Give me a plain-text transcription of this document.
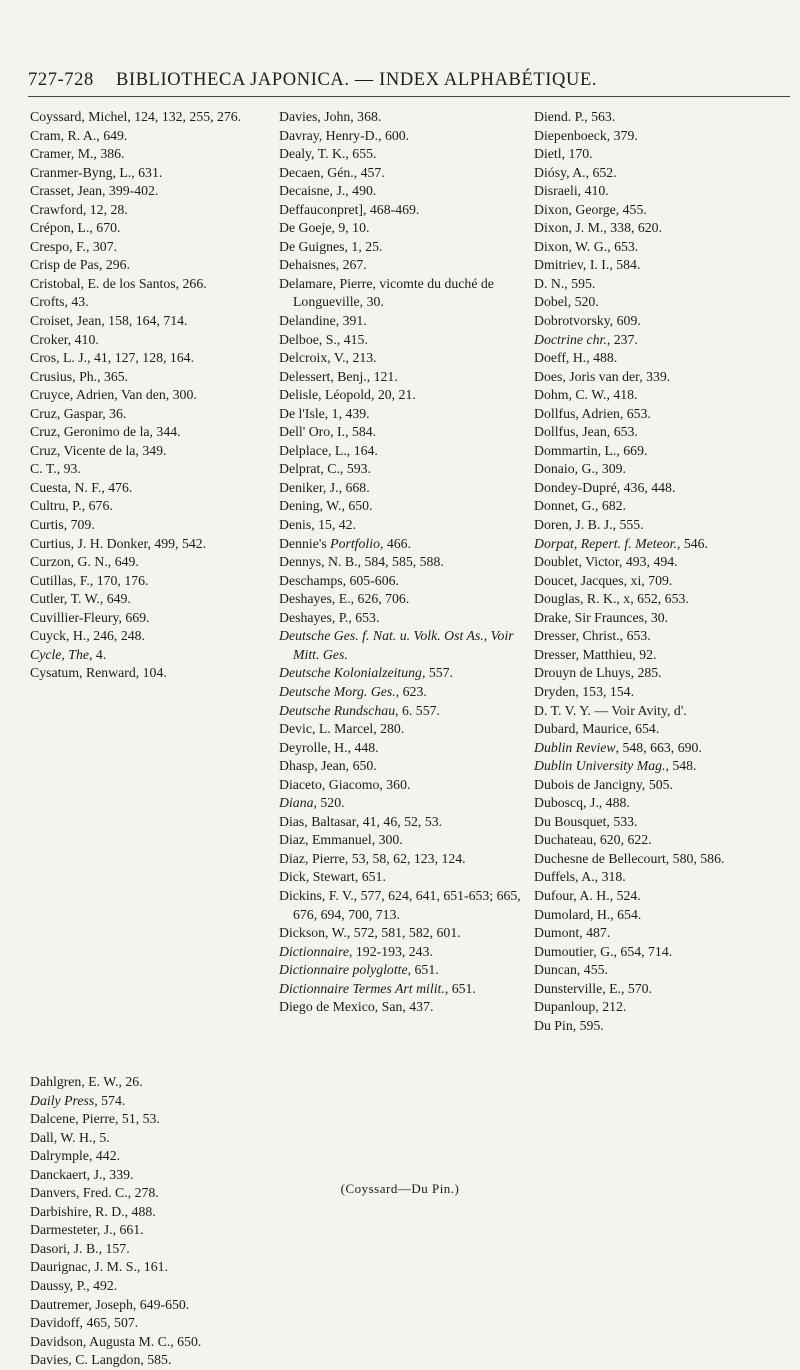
727-728 BIBLIOTHECA JAPONICA. — INDEX ALPHABÉTIQUE.
Coyssard, Michel, 124, 132, 255, 276.
Cram, R. A., 649.
Cramer, M., 386.
Cranmer-Byng, L., 631.
Crasset, Jean, 399-402.
Crawford, 12, 28.
Crépon, L., 670.
Crespo, F., 307.
Crisp de Pas, 296.
Cristobal, E. de los Santos, 266.
Crofts, 43.
Croiset, Jean, 158, 164, 714.
Croker, 410.
Cros, L. J., 41, 127, 128, 164.
Crusius, Ph., 365.
Cruyce, Adrien, Van den, 300.
Cruz, Gaspar, 36.
Cruz, Geronimo de la, 344.
Cruz, Vicente de la, 349.
C. T., 93.
Cuesta, N. F., 476.
Cultru, P., 676.
Curtis, 709.
Curtius, J. H. Donker, 499, 542.
Curzon, G. N., 649.
Cutillas, F., 170, 176.
Cutler, T. W., 649.
Cuvillier-Fleury, 669.
Cuyck, H., 246, 248.
Cycle, The, 4.
Cysatum, Renward, 104.
Dahlgren, E. W., 26.
Daily Press, 574.
Dalcene, Pierre, 51, 53.
Dall, W. H., 5.
Dalrymple, 442.
Danckaert, J., 339.
Danvers, Fred. C., 278.
Darbishire, R. D., 488.
Darmesteter, J., 661.
Dasori, J. B., 157.
Daurignac, J. M. S., 161.
Daussy, P., 492.
Dautremer, Joseph, 649-650.
Davidoff, 465, 507.
Davidson, Augusta M. C., 650.
Davies, C. Langdon, 585.
Davies, John, 368.
Davray, Henry-D., 600.
Dealy, T. K., 655.
Decaen, Gén., 457.
Decaisne, J., 490.
Deffauconpret], 468-469.
De Goeje, 9, 10.
De Guignes, 1, 25.
Dehaisnes, 267.
Delamare, Pierre, vicomte du duché de Longueville, 30.
Delandine, 391.
Delboe, S., 415.
Delcroix, V., 213.
Delessert, Benj., 121.
Delisle, Léopold, 20, 21.
De l'Isle, 1, 439.
Dell' Oro, I., 584.
Delplace, L., 164.
Delprat, C., 593.
Deniker, J., 668.
Dening, W., 650.
Denis, 15, 42.
Dennie's Portfolio, 466.
Dennys, N. B., 584, 585, 588.
Deschamps, 605-606.
Deshayes, E., 626, 706.
Deshayes, P., 653.
Deutsche Ges. f. Nat. u. Volk. Ost As., Voir Mitt. Ges.
Deutsche Kolonialzeitung, 557.
Deutsche Morg. Ges., 623.
Deutsche Rundschau, 6. 557.
Devic, L. Marcel, 280.
Deyrolle, H., 448.
Dhasp, Jean, 650.
Diaceto, Giacomo, 360.
Diana, 520.
Dias, Baltasar, 41, 46, 52, 53.
Diaz, Emmanuel, 300.
Diaz, Pierre, 53, 58, 62, 123, 124.
Dick, Stewart, 651.
Dickins, F. V., 577, 624, 641, 651-653; 665, 676, 694, 700, 713.
Dickson, W., 572, 581, 582, 601.
Dictionnaire, 192-193, 243.
Dictionnaire polyglotte, 651.
Dictionnaire Termes Art milit., 651.
Diego de Mexico, San, 437.
Diend. P., 563.
Diepenboeck, 379.
Dietl, 170.
Diósy, A., 652.
Disraeli, 410.
Dixon, George, 455.
Dixon, J. M., 338, 620.
Dixon, W. G., 653.
Dmitriev, I. I., 584.
D. N., 595.
Dobel, 520.
Dobrotvorsky, 609.
Doctrine chr., 237.
Doeff, H., 488.
Does, Joris van der, 339.
Dohm, C. W., 418.
Dollfus, Adrien, 653.
Dollfus, Jean, 653.
Dommartin, L., 669.
Donaio, G., 309.
Dondey-Dupré, 436, 448.
Donnet, G., 682.
Doren, J. B. J., 555.
Dorpat, Repert. f. Meteor., 546.
Doublet, Victor, 493, 494.
Doucet, Jacques, xi, 709.
Douglas, R. K., x, 652, 653.
Drake, Sir Fraunces, 30.
Dresser, Christ., 653.
Dresser, Matthieu, 92.
Drouyn de Lhuys, 285.
Dryden, 153, 154.
D. T. V. Y. — Voir Avity, d'.
Dubard, Maurice, 654.
Dublin Review, 548, 663, 690.
Dublin University Mag., 548.
Dubois de Jancigny, 505.
Duboscq, J., 488.
Du Bousquet, 533.
Duchateau, 620, 622.
Duchesne de Bellecourt, 580, 586.
Duffels, A., 318.
Dufour, A. H., 524.
Dumolard, H., 654.
Dumont, 487.
Dumoutier, G., 654, 714.
Duncan, 455.
Dunsterville, E., 570.
Dupanloup, 212.
Du Pin, 595.
(Coyssard—Du Pin.)
